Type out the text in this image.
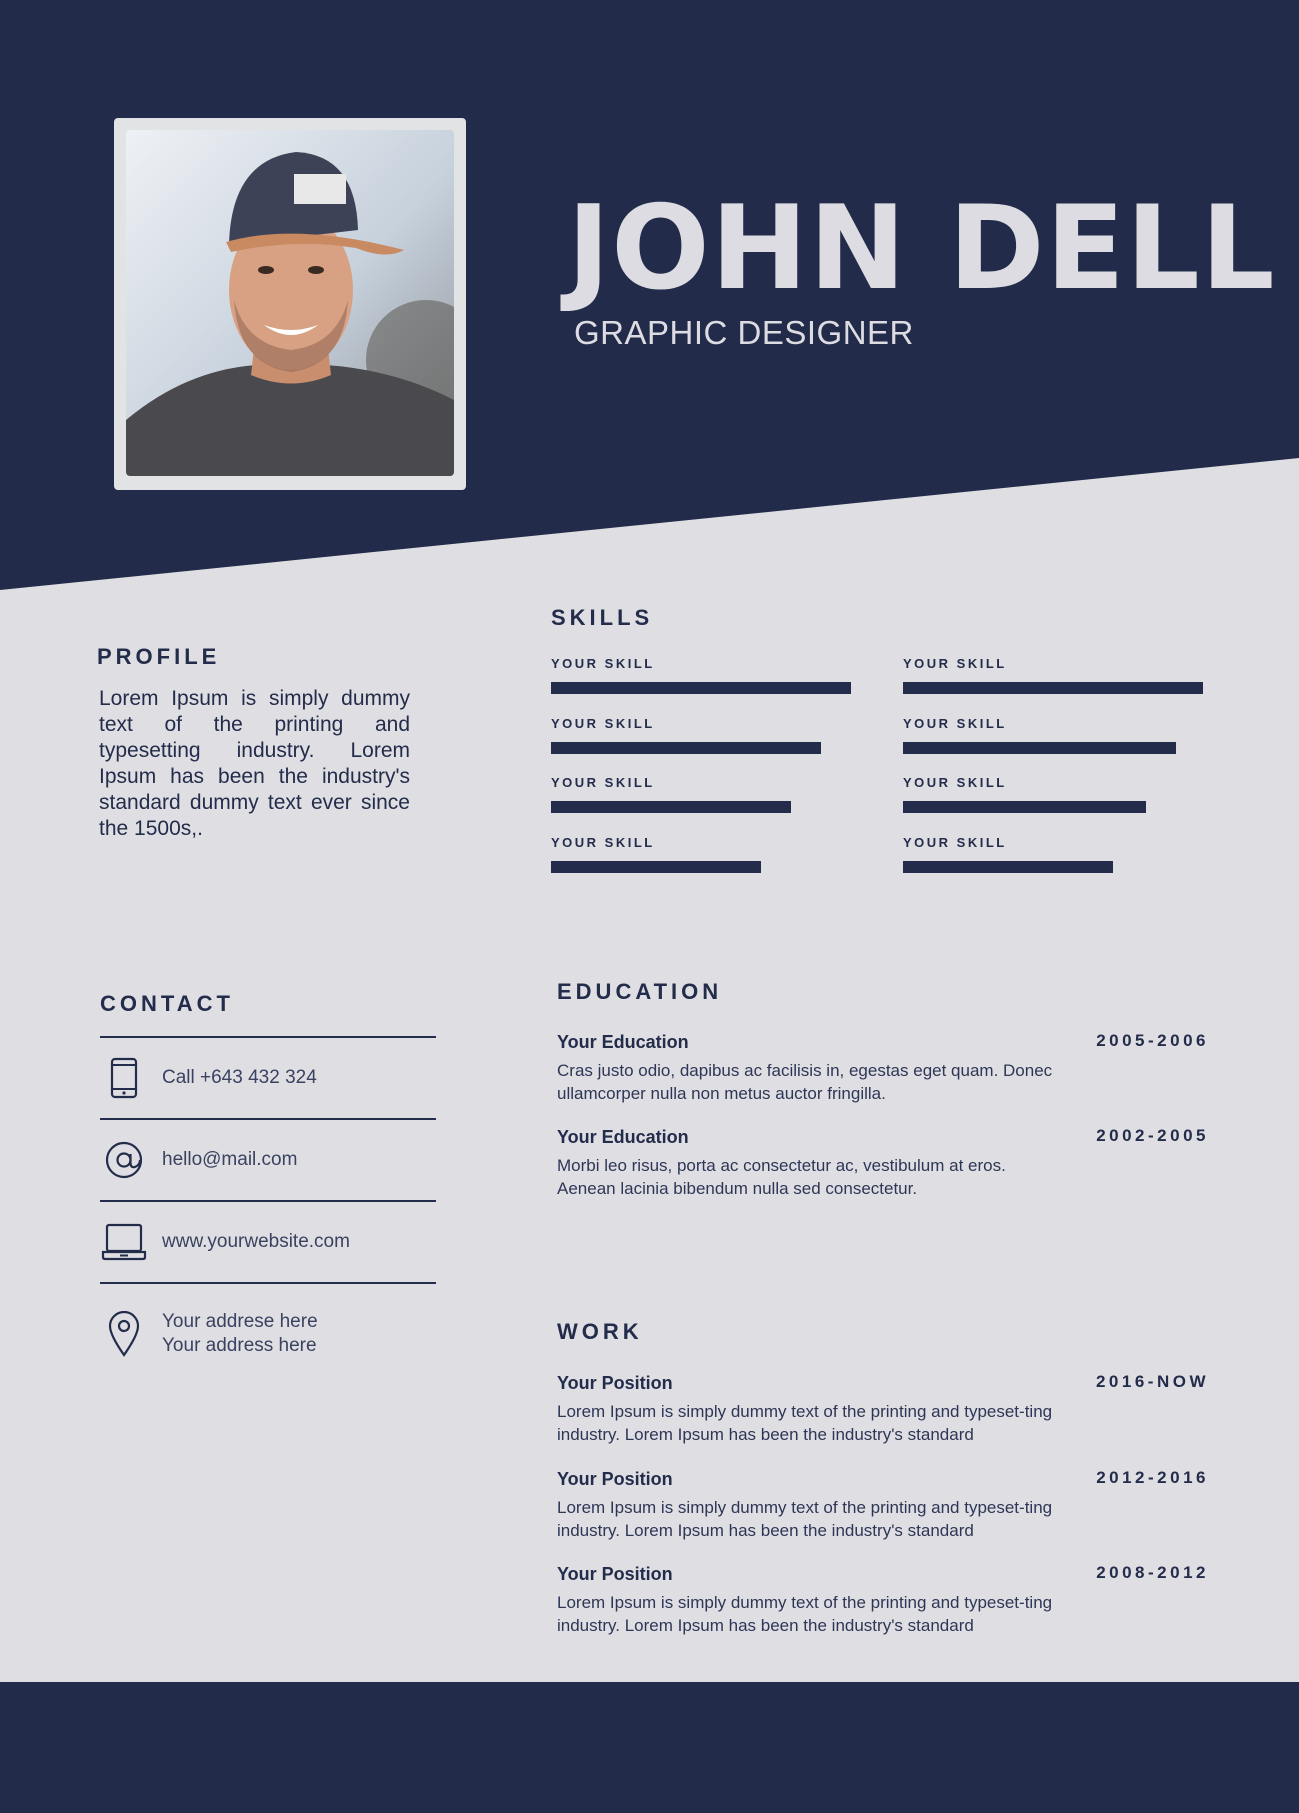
JOHN DELL
GRAPHIC DESIGNER
PROFILE
Lorem Ipsum is simply dummy text of the printing and typesetting industry. Lorem Ipsum has been the industry's standard dummy text ever since the 1500s,.
SKILLS
YOUR SKILL	YOUR SKILL
YOUR SKILL	YOUR SKILL
YOUR SKILL	YOUR SKILL
YOUR SKILL	YOUR SKILL
CONTACT
Call +643 432 324
hello@mail.com
www.yourwebsite.com
Your addrese here
Your address here
EDUCATION
Your Education	2005-2006
Cras justo odio, dapibus ac facilisis in, egestas eget quam. Donec ullamcorper nulla non metus auctor fringilla.
Your Education	2002-2005
Morbi leo risus, porta ac consectetur ac, vestibulum at eros. Aenean lacinia bibendum nulla sed consectetur.
WORK
Your Position	2016-NOW
Lorem Ipsum is simply dummy text of the printing and typeset-ting industry. Lorem Ipsum has been the industry's standard
Your Position	2012-2016
Lorem Ipsum is simply dummy text of the printing and typeset-ting industry. Lorem Ipsum has been the industry's standard
Your Position	2008-2012
Lorem Ipsum is simply dummy text of the printing and typeset-ting industry. Lorem Ipsum has been the industry's standard
